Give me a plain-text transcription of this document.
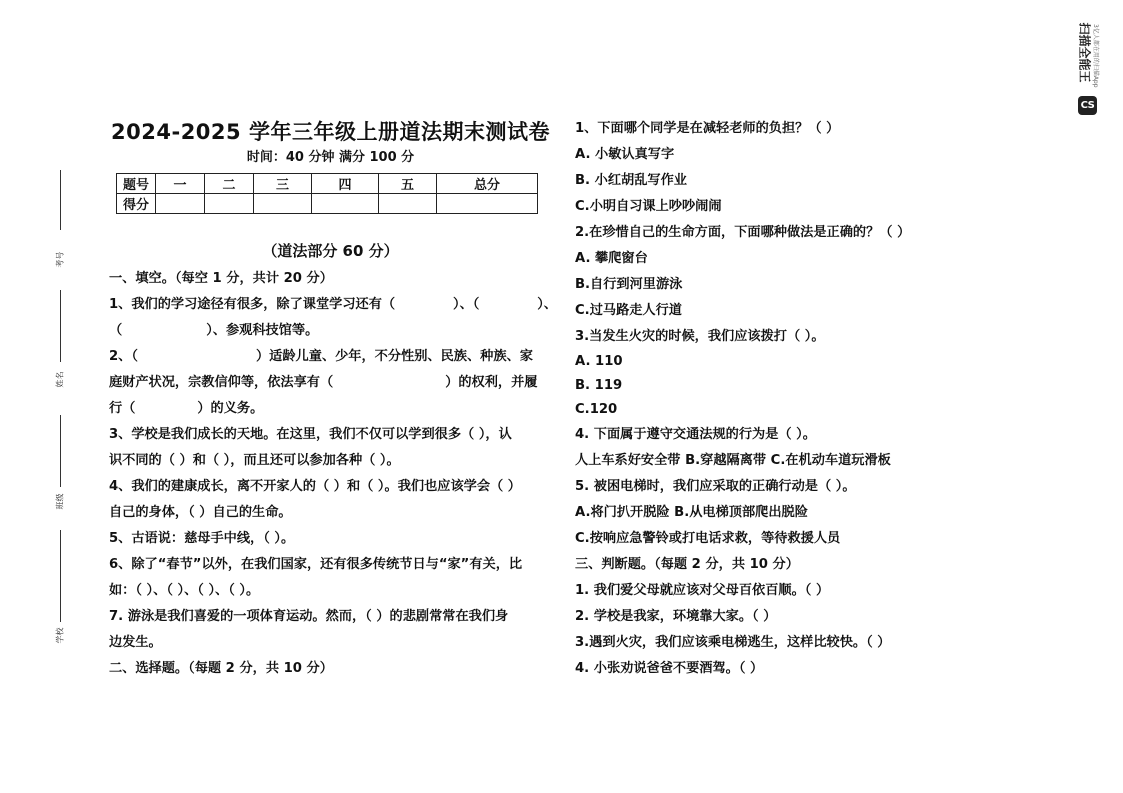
扫描全能王
CS
3亿人都在用的扫描App
考号
姓名
班级
学校
2024-2025 学年三年级上册道法期末测试卷
时间：40 分钟 满分 100 分
题号	一	二	三	四	五	总分
得分						
（道法部分 60 分）
一、填空。（每空 1 分，共计 20 分）
1、我们的学习途径有很多，除了课堂学习还有（	）、（	）、
（	）、参观科技馆等。
2、（	）适龄儿童、少年，不分性别、民族、种族、家
庭财产状况，宗教信仰等，依法享有（	）的权利，并履
行（	）的义务。
3、学校是我们成长的天地。在这里，我们不仅可以学到很多（ ），认
识不同的（ ）和（ ），而且还可以参加各种（ ）。
4、我们的建康成长，离不开家人的（ ）和（ ）。我们也应该学会（ ）
自己的身体，（ ）自己的生命。
5、古语说：慈母手中线，（ ）。
6、除了“春节”以外，在我们国家，还有很多传统节日与“家”有关，比
如：（ ）、（ ）、（ ）、（ ）。
7. 游泳是我们喜爱的一项体育运动。然而，（ ）的悲剧常常在我们身
边发生。
二、选择题。（每题 2 分，共 10 分）
1、下面哪个同学是在减轻老师的负担？（ ）
A. 小敏认真写字
B. 小红胡乱写作业
C.小明自习课上吵吵闹闹
2.在珍惜自己的生命方面，下面哪种做法是正确的？（ ）
A. 攀爬窗台
B.自行到河里游泳
C.过马路走人行道
3.当发生火灾的时候，我们应该拨打（ ）。
A. 110
B. 119
C.120
4. 下面属于遵守交通法规的行为是（ ）。
人上车系好安全带 B.穿越隔离带 C.在机动车道玩滑板
5. 被困电梯时，我们应采取的正确行动是（ ）。
A.将门扒开脱险 B.从电梯顶部爬出脱险
C.按响应急警铃或打电话求救，等待救援人员
三、判断题。（每题 2 分，共 10 分）
1. 我们爱父母就应该对父母百依百顺。（ ）
2. 学校是我家，环境靠大家。（ ）
3.遇到火灾，我们应该乘电梯逃生，这样比较快。（ ）
4. 小张劝说爸爸不要酒驾。（ ）
